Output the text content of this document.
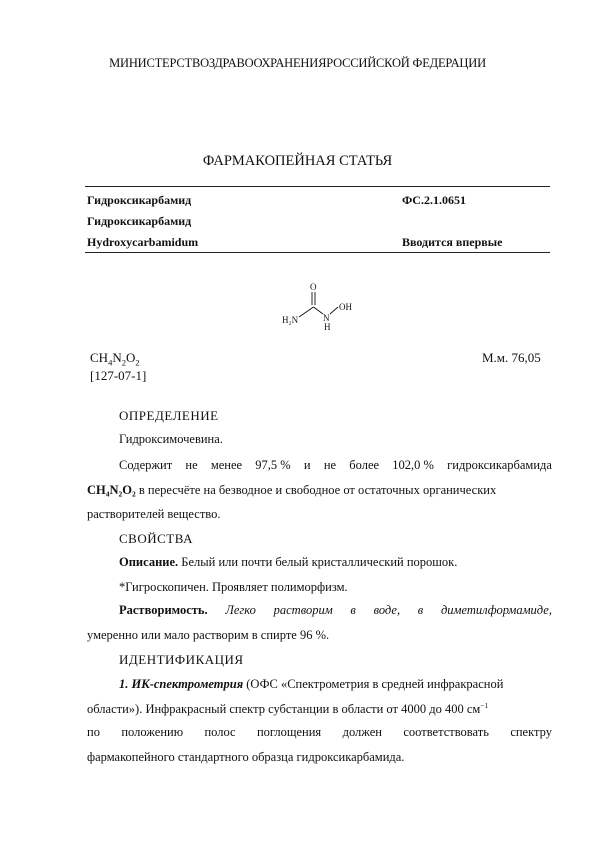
МИНИСТЕРСТВОЗДРАВООХРАНЕНИЯРОССИЙСКОЙ ФЕДЕРАЦИИ
ФАРМАКОПЕЙНАЯ СТАТЬЯ
Гидроксикарбамид	ФС.2.1.0651
Гидроксикарбамид
Hydroxycarbamidum	Вводится впервые
O
OH
H₂N	N
H
$CH_4N_2O_2$	М.м. 76,05
[127-07-1]
ОПРЕДЕЛЕНИЕ
Гидроксимочевина.
Содержит не менее 97,5 % и не более 102,0 % гидроксикарбамида
CH₄N₂O₂ в пересчёте на безводное и свободное от остаточных органических
растворителей вещество.
СВОЙСТВА
Описание. Белый или почти белый кристаллический порошок.
*Гигроскопичен. Проявляет полиморфизм.
Растворимость. Легко растворим в воде, в диметилформамиде,
умеренно или мало растворим в спирте 96 %.
ИДЕНТИФИКАЦИЯ
1. ИК-спектрометрия (ОФС «Спектрометрия в средней инфракрасной
области»). Инфракрасный спектр субстанции в области от 4000 до 400 $см^{-1}$
по положению полос поглощения должен соответствовать спектру
фармакопейного стандартного образца гидроксикарбамида.
